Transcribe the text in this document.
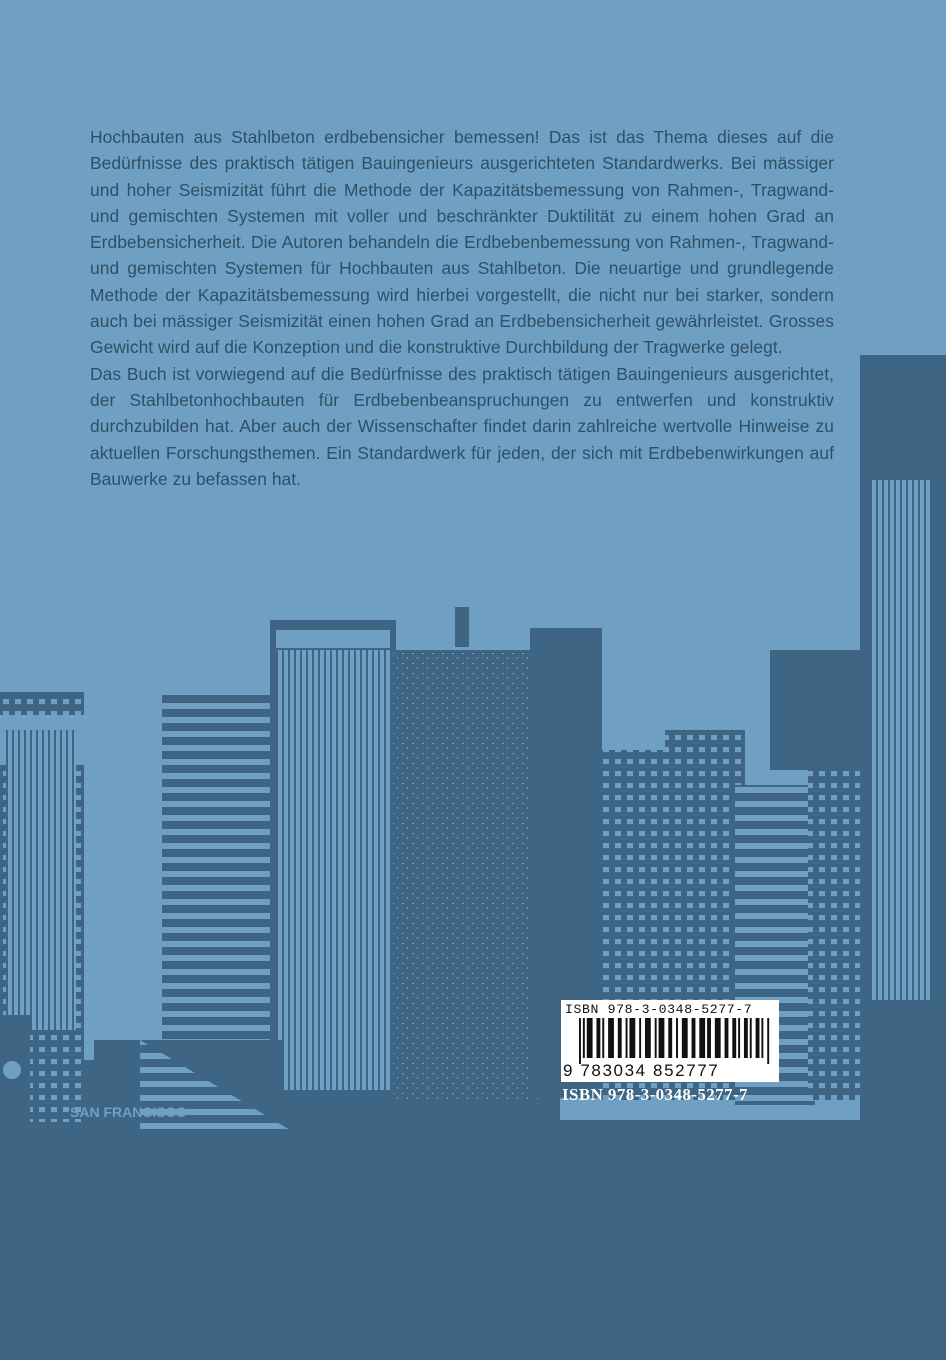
SAN FRANCISCO

Hochbauten aus Stahlbeton erdbebensicher bemessen! Das ist das Thema dieses auf die Bedürfnisse des praktisch tätigen Bauingenieurs ausgerichteten Standardwerks. Bei mässiger und hoher Seismizität führt die Methode der Kapazitätsbemessung von Rahmen-, Tragwand- und gemischten Systemen mit voller und beschränkter Duktilität zu einem hohen Grad an Erdbebensicherheit. Die Autoren behandeln die Erdbebenbemessung von Rahmen-, Tragwand- und gemischten Systemen für Hochbauten aus Stahlbeton. Die neuartige und grundlegende Methode der Kapazitätsbemessung wird hierbei vorgestellt, die nicht nur bei starker, sondern auch bei mässiger Seismizität einen hohen Grad an Erdbebensicherheit gewährleistet. Grosses Gewicht wird auf die Konzeption und die konstruktive Durchbildung der Tragwerke gelegt.

Das Buch ist vorwiegend auf die Bedürfnisse des praktisch tätigen Bauingenieurs ausgerichtet, der Stahlbetonhochbauten für Erdbebenbeanspruchungen zu entwerfen und konstruktiv durchzubilden hat. Aber auch der Wissenschafter findet darin zahlreiche wertvolle Hinweise zu aktuellen Forschungsthemen. Ein Standardwerk für jeden, der sich mit Erdbebenwirkungen auf Bauwerke zu befassen hat.

ISBN 978-3-0348-5277-7
9 783034 852777
ISBN 978-3-0348-5277-7
